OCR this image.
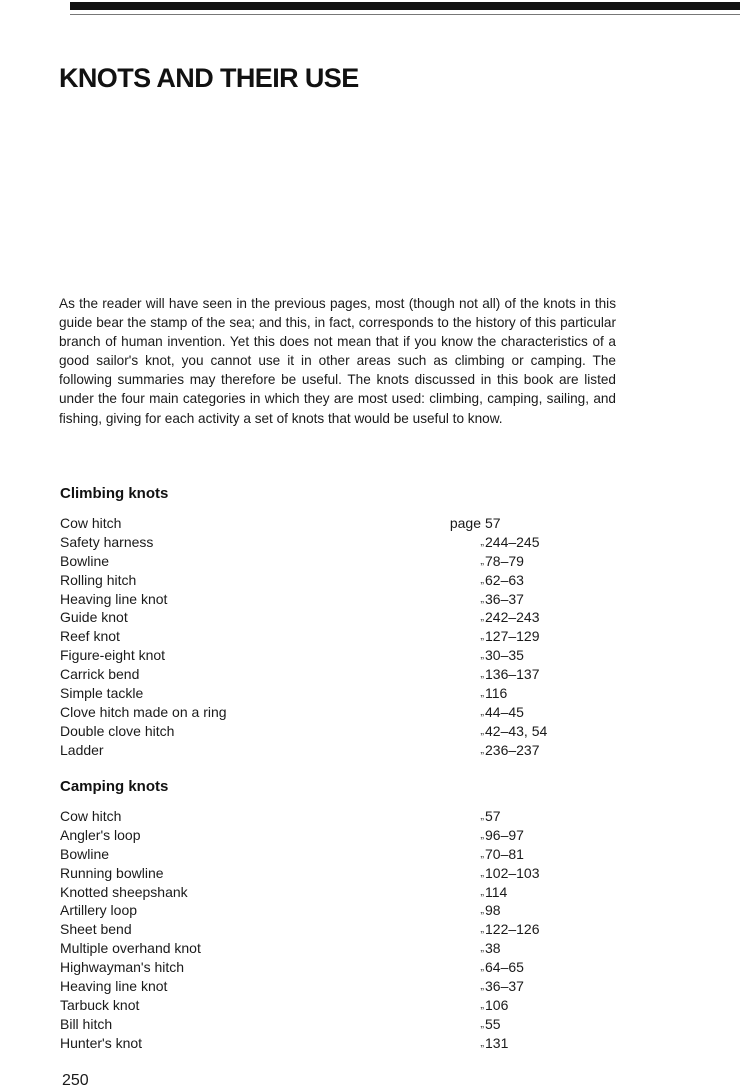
KNOTS AND THEIR USE

As the reader will have seen in the previous pages, most (though not all) of the knots in this guide bear the stamp of the sea; and this, in fact, corresponds to the history of this particular branch of human invention. Yet this does not mean that if you know the characteristics of a good sailor's knot, you cannot use it in other areas such as climbing or camping. The following summaries may therefore be useful. The knots discussed in this book are listed under the four main categories in which they are most used: climbing, camping, sailing, and fishing, giving for each activity a set of knots that would be useful to know.

Climbing knots
Cow hitch	page 57
Safety harness	„ 244–245
Bowline	„ 78–79
Rolling hitch	„ 62–63
Heaving line knot	„ 36–37
Guide knot	„ 242–243
Reef knot	„ 127–129
Figure-eight knot	„ 30–35
Carrick bend	„ 136–137
Simple tackle	„ 116
Clove hitch made on a ring	„ 44–45
Double clove hitch	„ 42–43, 54
Ladder	„ 236–237
Camping knots
Cow hitch	„ 57
Angler's loop	„ 96–97
Bowline	„ 70–81
Running bowline	„ 102–103
Knotted sheepshank	„ 114
Artillery loop	„ 98
Sheet bend	„ 122–126
Multiple overhand knot	„ 38
Highwayman's hitch	„ 64–65
Heaving line knot	„ 36–37
Tarbuck knot	„ 106
Bill hitch	„ 55
Hunter's knot	„ 131

250
